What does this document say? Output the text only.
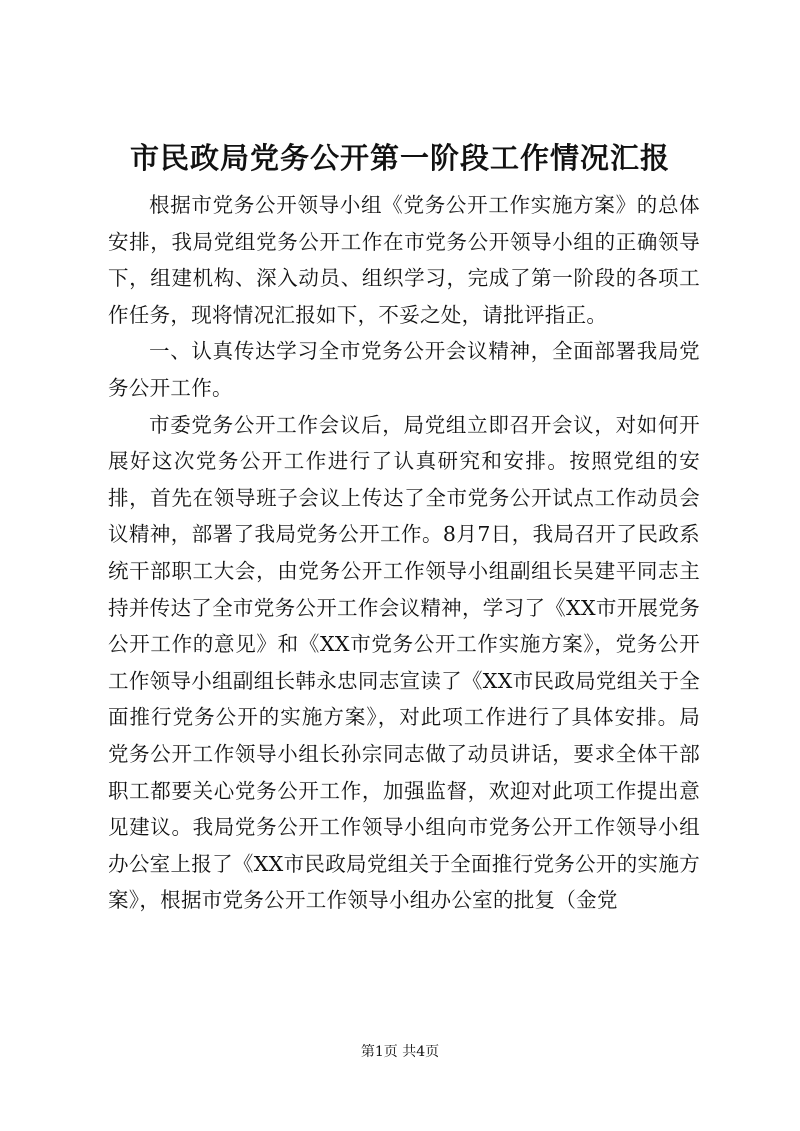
市民政局党务公开第一阶段工作情况汇报

根据市党务公开领导小组《党务公开工作实施方案》的总体安排，我局党组党务公开工作在市党务公开领导小组的正确领导下，组建机构、深入动员、组织学习，完成了第一阶段的各项工作任务，现将情况汇报如下，不妥之处，请批评指正。

一、认真传达学习全市党务公开会议精神，全面部署我局党务公开工作。

市委党务公开工作会议后，局党组立即召开会议，对如何开展好这次党务公开工作进行了认真研究和安排。按照党组的安排，首先在领导班子会议上传达了全市党务公开试点工作动员会议精神，部署了我局党务公开工作。8月7日，我局召开了民政系统干部职工大会，由党务公开工作领导小组副组长吴建平同志主持并传达了全市党务公开工作会议精神，学习了《XX市开展党务公开工作的意见》和《XX市党务公开工作实施方案》，党务公开工作领导小组副组长韩永忠同志宣读了《XX市民政局党组关于全面推行党务公开的实施方案》，对此项工作进行了具体安排。局党务公开工作领导小组长孙宗同志做了动员讲话，要求全体干部职工都要关心党务公开工作，加强监督，欢迎对此项工作提出意见建议。我局党务公开工作领导小组向市党务公开工作领导小组办公室上报了《XX市民政局党组关于全面推行党务公开的实施方案》，根据市党务公开工作领导小组办公室的批复（金党

第1页 共4页
